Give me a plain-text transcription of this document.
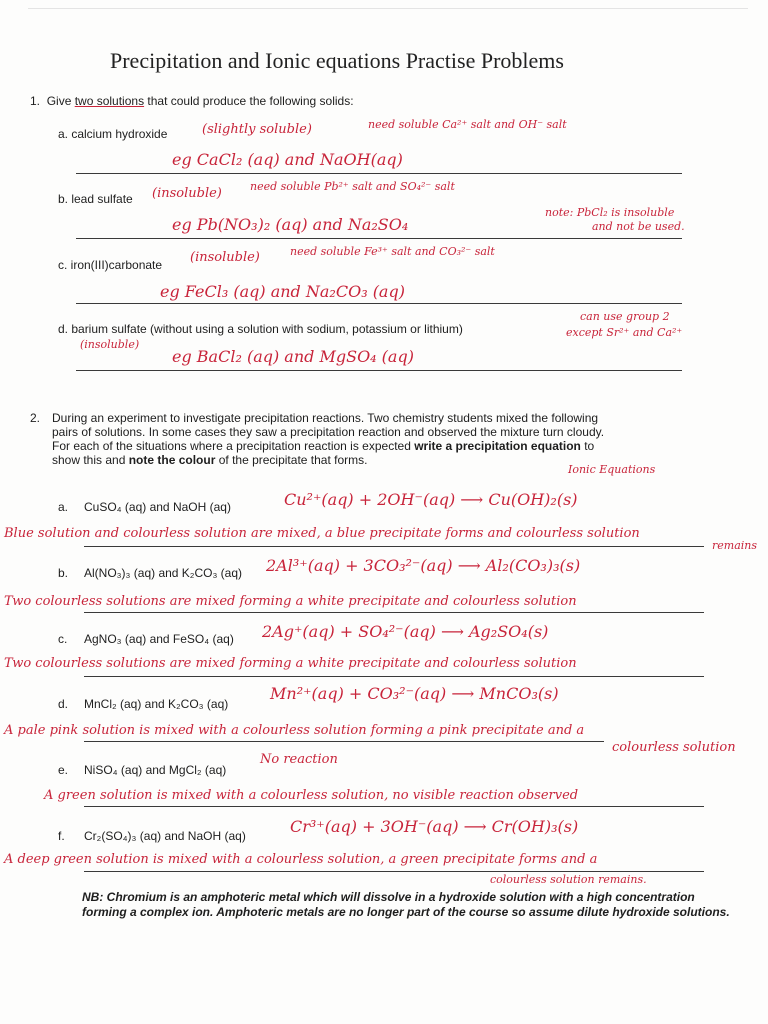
Precipitation and Ionic equations Practise Problems
1. Give two solutions that could produce the following solids:
a. calcium hydroxide	(slightly soluble)	need soluble Ca²⁺ salt and OH⁻ salt
eg CaCl₂ (aq) and NaOH(aq)
b. lead sulfate (insoluble)	need soluble Pb²⁺ salt and SO₄²⁻ salt
note: PbCl₂ is insoluble
and not be used.
eg Pb(NO₃)₂ (aq) and Na₂SO₄
c. iron(III)carbonate (insoluble)	need soluble Fe³⁺ salt and CO₃²⁻ salt
eg FeCl₃ (aq) and Na₂CO₃ (aq)
d. barium sulfate (without using a solution with sodium, potassium or lithium)
(insoluble)
can use group 2
except Sr²⁺ and Ca²⁺
eg BaCl₂ (aq) and MgSO₄ (aq)
2. During an experiment to investigate precipitation reactions. Two chemistry students mixed the following
pairs of solutions. In some cases they saw a precipitation reaction and observed the mixture turn cloudy.
For each of the situations where a precipitation reaction is expected write a precipitation equation to
show this and note the colour of the precipitate that forms.
Ionic Equations
a. CuSO₄ (aq) and NaOH (aq)	Cu²⁺(aq) + 2OH⁻(aq) ⟶ Cu(OH)₂(s)
Blue solution and colourless solution are mixed, a blue precipitate forms and colourless solution
remains
b. Al(NO₃)₃ (aq) and K₂CO₃ (aq) 2Al³⁺(aq) + 3CO₃²⁻(aq) ⟶ Al₂(CO₃)₃(s)
Two colourless solutions are mixed forming a white precipitate and colourless solution
c. AgNO₃ (aq) and FeSO₄ (aq) 2Ag⁺(aq) + SO₄²⁻(aq) ⟶ Ag₂SO₄(s)
Two colourless solutions are mixed forming a white precipitate and colourless solution
d. MnCl₂ (aq) and K₂CO₃ (aq)
Mn²⁺(aq) + CO₃²⁻(aq) ⟶ MnCO₃(s)
A pale pink solution is mixed with a colourless solution forming a pink precipitate and a
colourless solution
e. NiSO₄ (aq) and MgCl₂ (aq)
No reaction
A green solution is mixed with a colourless solution, no visible reaction observed
f. Cr₂(SO₄)₃ (aq) and NaOH (aq)	Cr³⁺(aq) + 3OH⁻(aq) ⟶ Cr(OH)₃(s)
A deep green solution is mixed with a colourless solution, a green precipitate forms and a
colourless solution remains.
NB: Chromium is an amphoteric metal which will dissolve in a hydroxide solution with a high concentration forming a complex ion. Amphoteric metals are no longer part of the course so assume dilute hydroxide solutions.
